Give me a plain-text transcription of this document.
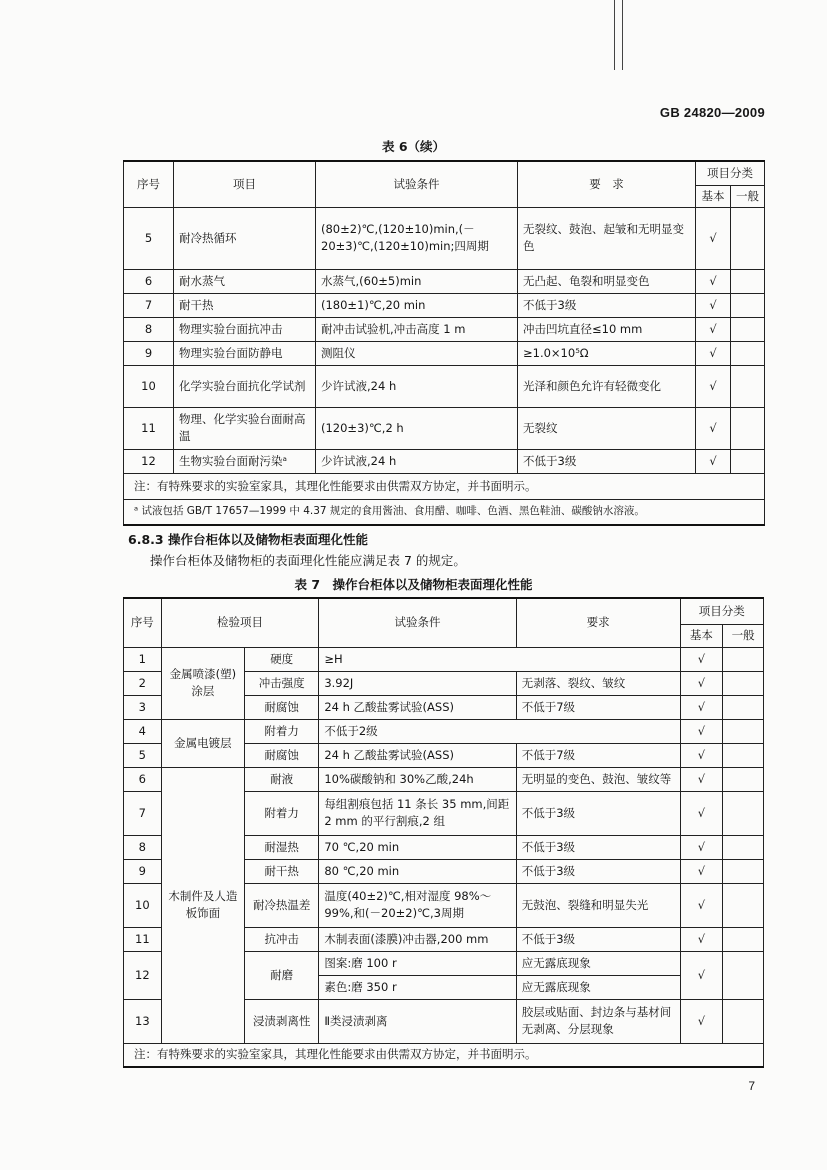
GB 24820—2009
表 6（续）
序号	项目	试验条件	要　求	项目分类	
				基本	一般
5	耐冷热循环	(80±2)℃,(120±10)min,(－20±3)℃,(120±10)min;四周期	无裂纹、鼓泡、起皱和无明显变色	√	
6	耐水蒸气	水蒸气,(60±5)min	无凸起、龟裂和明显变色	√	
7	耐干热	(180±1)℃,20 min	不低于3级	√	
8	物理实验台面抗冲击	耐冲击试验机,冲击高度 1 m	冲击凹坑直径≤10 mm	√	
9	物理实验台面防静电	测阻仪	≥1.0×10⁵Ω	√	
10	化学实验台面抗化学试剂	少许试液,24 h	光泽和颜色允许有轻微变化	√	
11	物理、化学实验台面耐高温	(120±3)℃,2 h	无裂纹	√	
12	生物实验台面耐污染ᵃ	少许试液,24 h	不低于3级	√	
注：有特殊要求的实验室家具，其理化性能要求由供需双方协定，并书面明示。					
ᵃ 试液包括 GB/T 17657—1999 中 4.37 规定的食用酱油、食用醋、咖啡、色酒、黑色鞋油、碳酸钠水溶液。					
6.8.3 操作台柜体以及储物柜表面理化性能
操作台柜体及储物柜的表面理化性能应满足表 7 的规定。
表 7　操作台柜体以及储物柜表面理化性能
序号	检验项目		试验条件	要求	项目分类	
					基本	一般
1	金属喷漆(塑)涂层	硬度	≥H		√	
2		冲击强度	3.92J	无剥落、裂纹、皱纹	√	
3		耐腐蚀	24 h 乙酸盐雾试验(ASS)	不低于7级	√	
4	金属电镀层	附着力	不低于2级		√	
5		耐腐蚀	24 h 乙酸盐雾试验(ASS)	不低于7级	√	
6	木制件及人造板饰面	耐液	10%碳酸钠和 30%乙酸,24h	无明显的变色、鼓泡、皱纹等	√	
7		附着力	每组割痕包括 11 条长 35 mm,间距 2 mm 的平行割痕,2 组	不低于3级	√	
8		耐湿热	70 ℃,20 min	不低于3级	√	
9		耐干热	80 ℃,20 min	不低于3级	√	
10		耐冷热温差	温度(40±2)℃,相对湿度 98%～99%,和(－20±2)℃,3周期	无鼓泡、裂缝和明显失光	√	
11		抗冲击	木制表面(漆膜)冲击器,200 mm	不低于3级	√	
12		耐磨	图案:磨 100 r	应无露底现象	√	
			素色:磨 350 r	应无露底现象		
13		浸渍剥离性	Ⅱ类浸渍剥离	胶层或贴面、封边条与基材间无剥离、分层现象	√	
注：有特殊要求的实验室家具，其理化性能要求由供需双方协定，并书面明示。						
7
